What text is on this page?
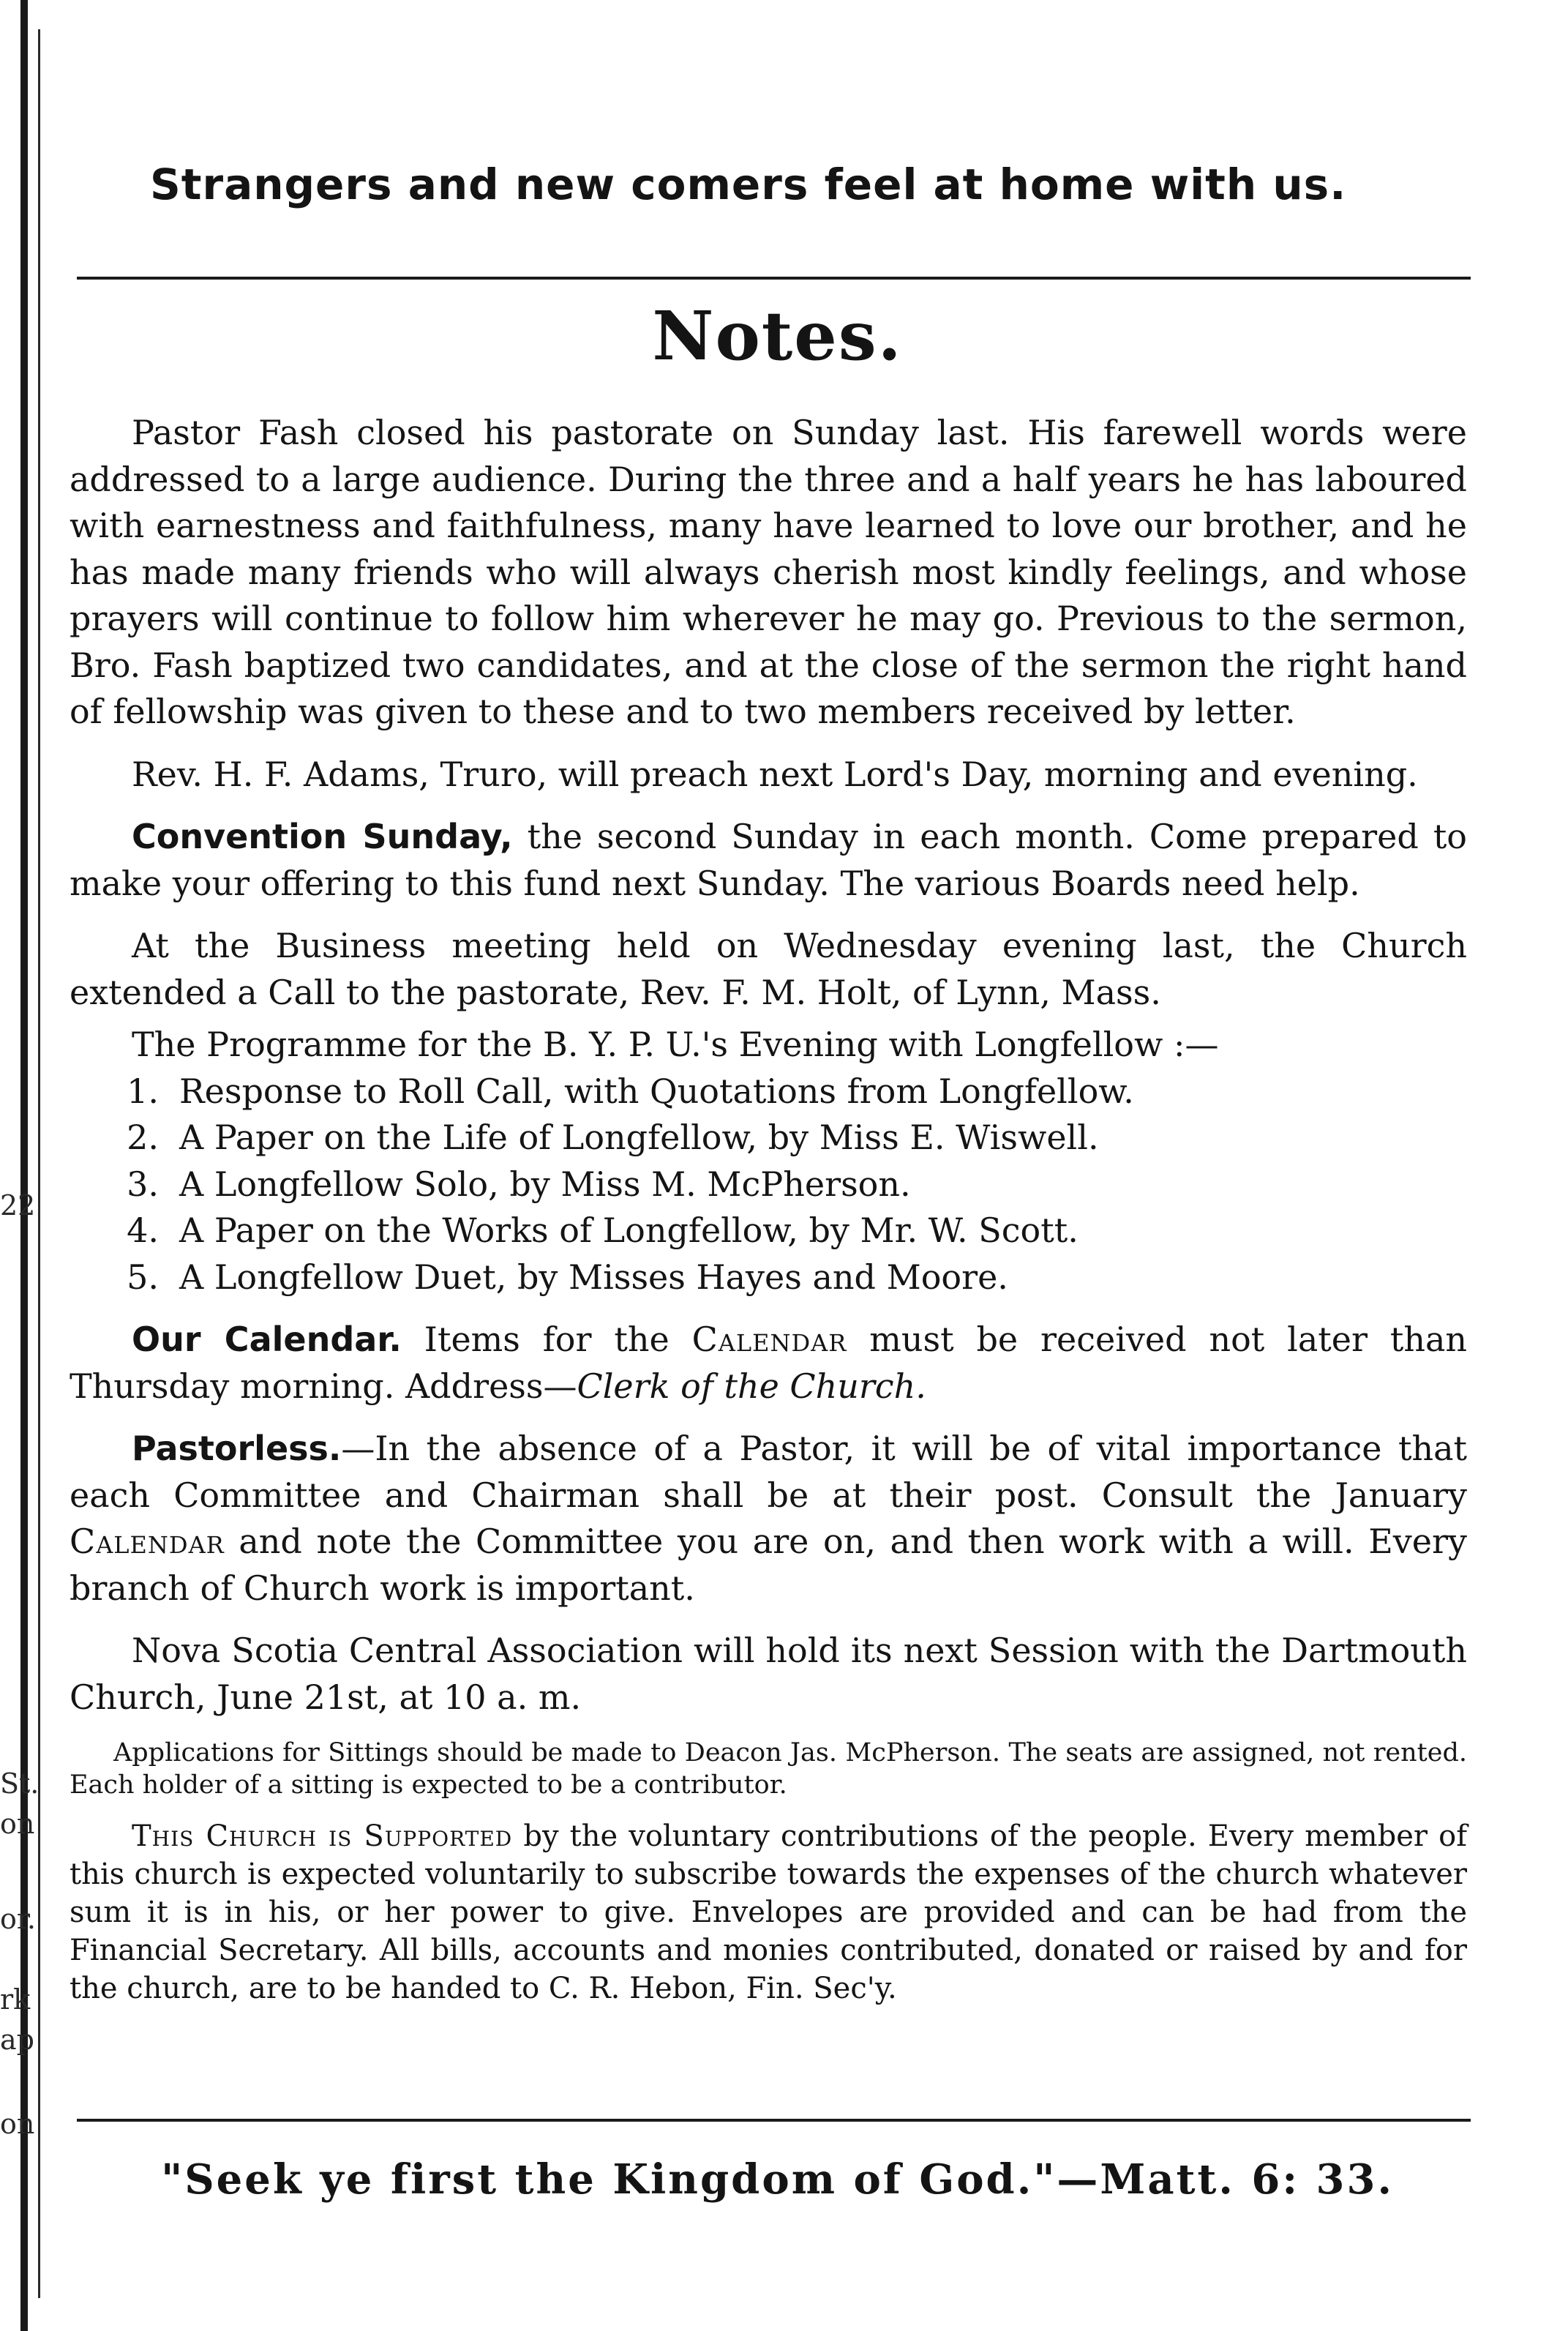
22
St.
on
or.
rk
ap
on
Strangers and new comers feel at home with us.
Notes.

Pastor Fash closed his pastorate on Sunday last. His farewell words were addressed to a large audience. During the three and a half years he has laboured with earnestness and faithfulness, many have learned to love our brother, and he has made many friends who will always cherish most kindly feelings, and whose prayers will continue to follow him wherever he may go. Previous to the sermon, Bro. Fash baptized two candidates, and at the close of the sermon the right hand of fellowship was given to these and to two members received by letter.

Rev. H. F. Adams, Truro, will preach next Lord's Day, morning and evening.

Convention Sunday, the second Sunday in each month. Come prepared to make your offering to this fund next Sunday. The various Boards need help.

At the Business meeting held on Wednesday evening last, the Church extended a Call to the pastorate, Rev. F. M. Holt, of Lynn, Mass.

The Programme for the B. Y. P. U.'s Evening with Longfellow :—

1. Response to Roll Call, with Quotations from Longfellow.
2. A Paper on the Life of Longfellow, by Miss E. Wiswell.
3. A Longfellow Solo, by Miss M. McPherson.
4. A Paper on the Works of Longfellow, by Mr. W. Scott.
5. A Longfellow Duet, by Misses Hayes and Moore.

Our Calendar. Items for the Calendar must be received not later than Thursday morning. Address—Clerk of the Church.

Pastorless.—In the absence of a Pastor, it will be of vital importance that each Committee and Chairman shall be at their post. Consult the January Calendar and note the Committee you are on, and then work with a will. Every branch of Church work is important.

Nova Scotia Central Association will hold its next Session with the Dartmouth Church, June 21st, at 10 a. m.

Applications for Sittings should be made to Deacon Jas. McPherson. The seats are assigned, not rented. Each holder of a sitting is expected to be a contributor.

This Church is Supported by the voluntary contributions of the people. Every member of this church is expected voluntarily to subscribe towards the expenses of the church whatever sum it is in his, or her power to give. Envelopes are provided and can be had from the Financial Secretary. All bills, accounts and monies contributed, donated or raised by and for the church, are to be handed to C. R. Hebon, Fin. Sec'y.

"Seek ye first the Kingdom of God."—Matt. 6: 33.
